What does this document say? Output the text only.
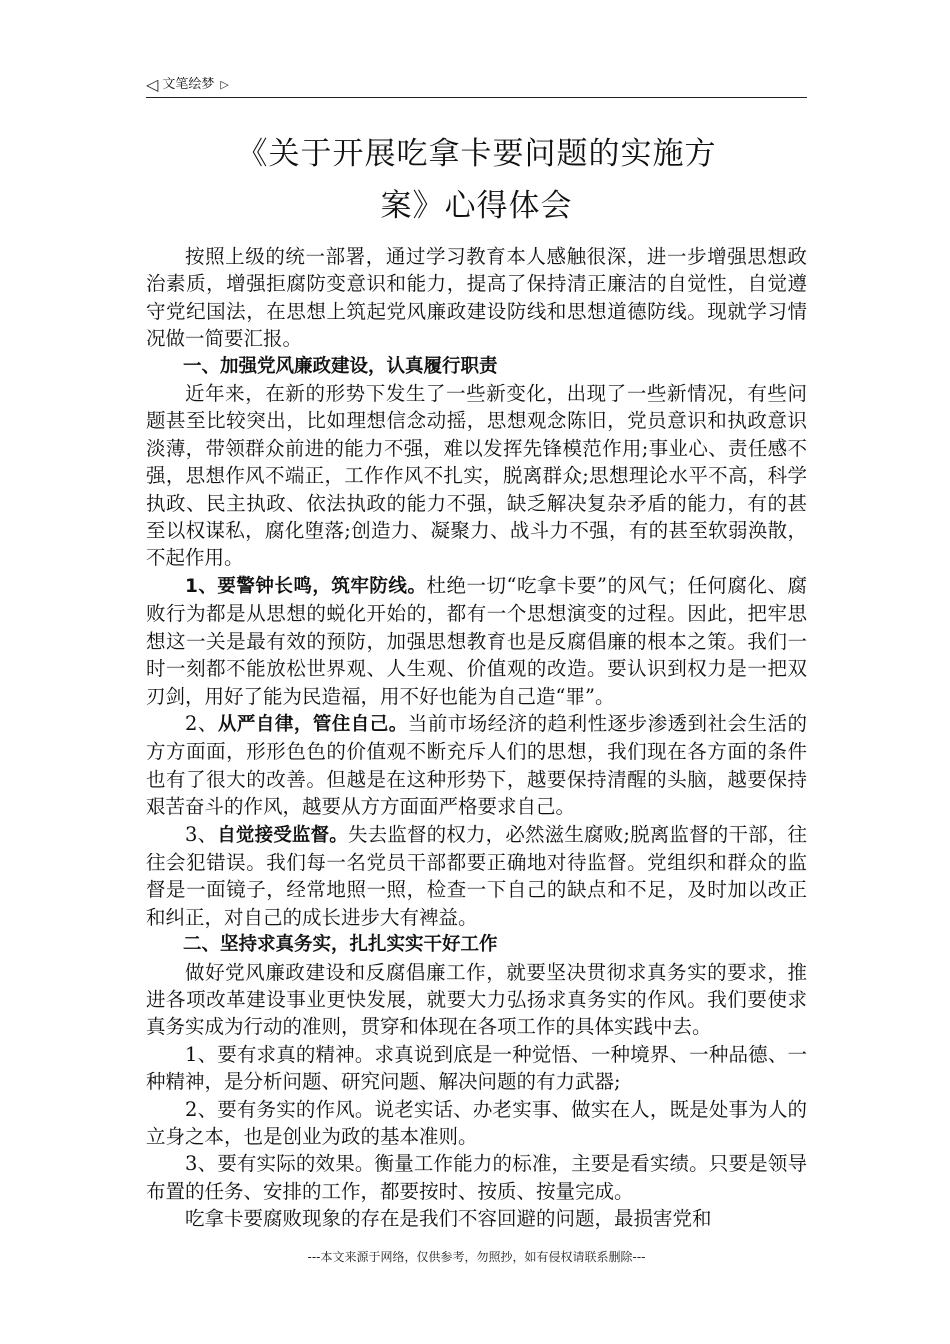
◁ 文笔绘梦 ▷
《关于开展吃拿卡要问题的实施方
案》心得体会

按照上级的统一部署，通过学习教育本人感触很深，进一步增强思想政治素质，增强拒腐防变意识和能力，提高了保持清正廉洁的自觉性，自觉遵守党纪国法，在思想上筑起党风廉政建设防线和思想道德防线。现就学习情况做一简要汇报。

一、加强党风廉政建设，认真履行职责

近年来，在新的形势下发生了一些新变化，出现了一些新情况，有些问题甚至比较突出，比如理想信念动摇，思想观念陈旧，党员意识和执政意识淡薄，带领群众前进的能力不强，难以发挥先锋模范作用;事业心、责任感不强，思想作风不端正，工作作风不扎实，脱离群众;思想理论水平不高，科学执政、民主执政、依法执政的能力不强，缺乏解决复杂矛盾的能力，有的甚至以权谋私，腐化堕落;创造力、凝聚力、战斗力不强，有的甚至软弱涣散，不起作用。

1、要警钟长鸣，筑牢防线。杜绝一切“吃拿卡要”的风气；任何腐化、腐败行为都是从思想的蜕化开始的，都有一个思想演变的过程。因此，把牢思想这一关是最有效的预防，加强思想教育也是反腐倡廉的根本之策。我们一时一刻都不能放松世界观、人生观、价值观的改造。要认识到权力是一把双刃剑，用好了能为民造福，用不好也能为自己造“罪”。

2、从严自律，管住自己。当前市场经济的趋利性逐步渗透到社会生活的方方面面，形形色色的价值观不断充斥人们的思想，我们现在各方面的条件也有了很大的改善。但越是在这种形势下，越要保持清醒的头脑，越要保持艰苦奋斗的作风，越要从方方面面严格要求自己。

3、自觉接受监督。失去监督的权力，必然滋生腐败;脱离监督的干部，往往会犯错误。我们每一名党员干部都要正确地对待监督。党组织和群众的监督是一面镜子，经常地照一照，检查一下自己的缺点和不足，及时加以改正和纠正，对自己的成长进步大有裨益。

二、坚持求真务实，扎扎实实干好工作

做好党风廉政建设和反腐倡廉工作，就要坚决贯彻求真务实的要求，推进各项改革建设事业更快发展，就要大力弘扬求真务实的作风。我们要使求真务实成为行动的准则，贯穿和体现在各项工作的具体实践中去。

1、要有求真的精神。求真说到底是一种觉悟、一种境界、一种品德、一种精神，是分析问题、研究问题、解决问题的有力武器;

2、要有务实的作风。说老实话、办老实事、做实在人，既是处事为人的立身之本，也是创业为政的基本准则。

3、要有实际的效果。衡量工作能力的标准，主要是看实绩。只要是领导布置的任务、安排的工作，都要按时、按质、按量完成。

吃拿卡要腐败现象的存在是我们不容回避的问题，最损害党和

---本文来源于网络，仅供参考，勿照抄，如有侵权请联系删除---
